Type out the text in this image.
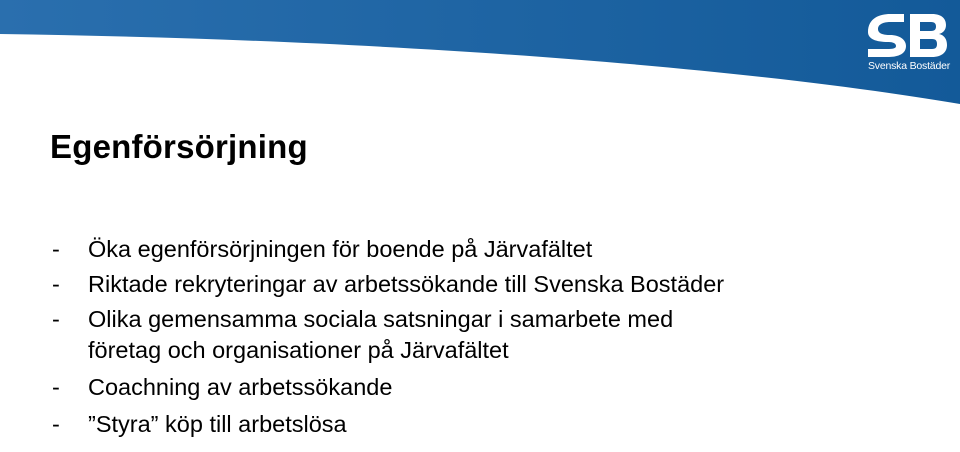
Svenska Bostäder
Egenförsörjning
- Öka egenförsörjningen för boende på Järvafältet
- Riktade rekryteringar av arbetssökande till Svenska Bostäder
- Olika gemensamma sociala satsningar i samarbete med
företag och organisationer på Järvafältet
- Coachning av arbetssökande
- ”Styra” köp till arbetslösa
